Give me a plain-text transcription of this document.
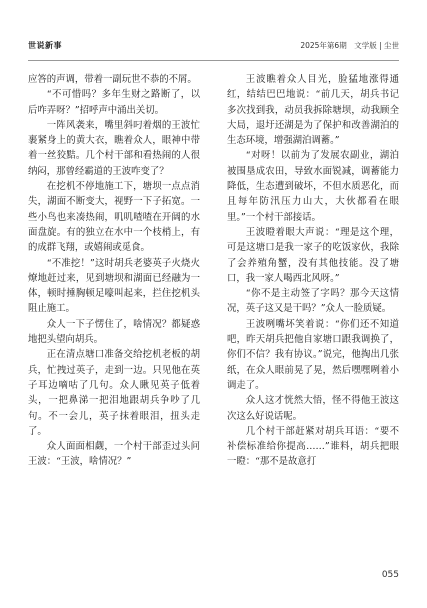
世说新事	2025年第6期　文学版 | 尘世

应答的声调，带着一副玩世不恭的不屑。

“不可惜吗？多年生财之路断了，以后咋弄呀？”招呼声中涌出关切。

一阵风袭来，嘴里斜叼着烟的王波忙裹紧身上的黄大衣，瞧着众人，眼神中带着一丝狡黠。几个村干部和看热闹的人很纳闷，那曾经霸道的王波咋变了？

在挖机不停地施工下，塘坝一点点消失，湖面不断变大，视野一下子拓宽。一些小鸟也来凑热闹，叽叽喳喳在开阔的水面盘旋。有的独立在水中一个枝梢上，有的成群飞翔，或嬉闹或觅食。

“不准挖！”这时胡兵老婆英子火烧火燎地赶过来，见到塘坝和湖面已经融为一体，顿时捶胸顿足嚎叫起来，拦住挖机头阻止施工。

众人一下子愣住了，啥情况？都疑惑地把头望向胡兵。

正在清点塘口准备交给挖机老板的胡兵，忙拽过英子，走到一边。只见他在英子耳边嘀咕了几句。众人瞅见英子低着头，一把鼻涕一把泪地跟胡兵争吵了几句。不一会儿，英子抹着眼泪，扭头走了。

众人面面相觑，一个村干部歪过头问王波：“王波，啥情况？”

王波瞧着众人目光，脸猛地涨得通红，结结巴巴地说：“前几天，胡兵书记多次找到我，动员我拆除塘坝，动我顾全大局，退圩还湖是为了保护和改善湖泊的生态环境，增强湖泊调蓄。”

“对呀！以前为了发展农副业，湖泊被围垦成农田，导致水面锐减，调蓄能力降低，生态遭到破坏，不但水质恶化，而且每年防汛压力山大，大伙都看在眼里。”一个村干部接话。

王波瞪着眼大声说：“理是这个理，可是这塘口是我一家子的吃饭家伙，我除了会养殖角蟹，没有其他技能。没了塘口，我一家人喝西北风呀。”

“你不是主动签了字吗？那今天这情况，英子这又是干吗？”众人一脸质疑。

王波咧嘴坏笑着说：“你们还不知道吧，昨天胡兵把他自家塘口跟我调换了，你们不信？我有协议。”说完，他掏出几张纸，在众人眼前晃了晃，然后嘿嘿咧着小调走了。

众人这才恍然大悟，怪不得他王波这次这么好说话呢。

几个村干部赶紧对胡兵耳语：“要不补偿标准给你提高……”谁料，胡兵把眼一瞪：“那不是故意打

055
